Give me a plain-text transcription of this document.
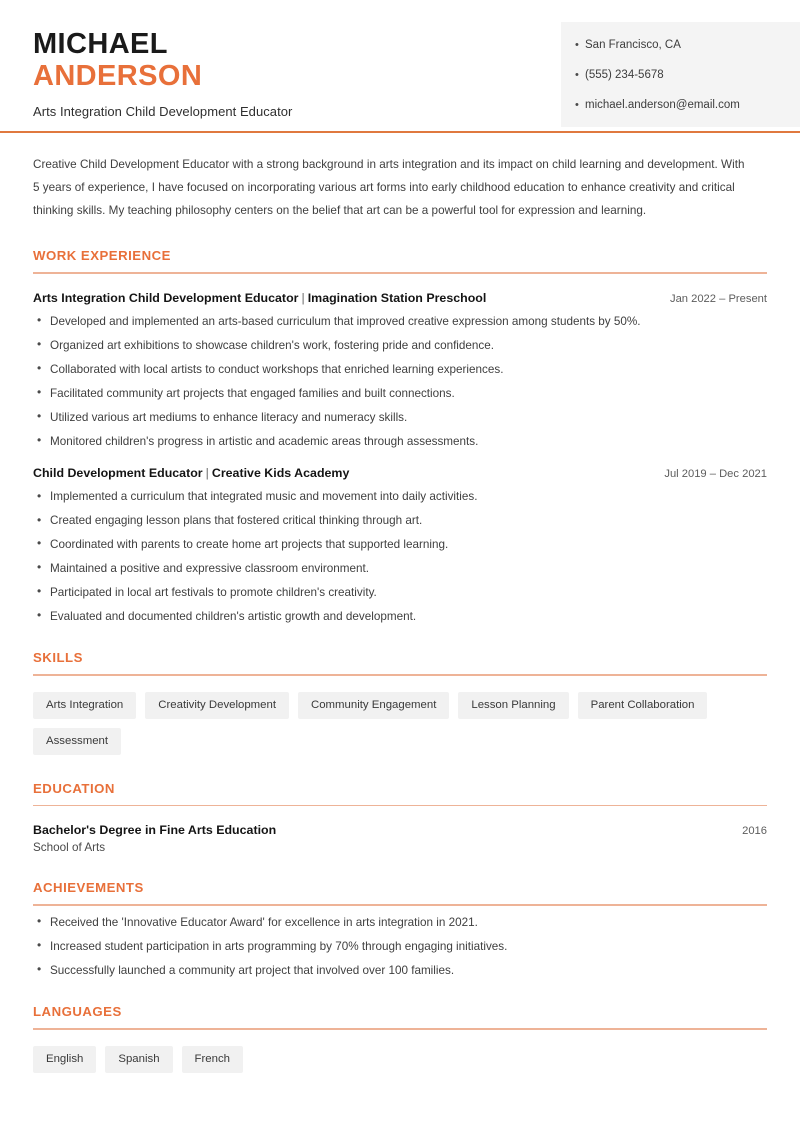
MICHAEL
ANDERSON
Arts Integration Child Development Educator
• San Francisco, CA
• (555) 234-5678
• michael.anderson@email.com
Creative Child Development Educator with a strong background in arts integration and its impact on child learning and development. With 5 years of experience, I have focused on incorporating various art forms into early childhood education to enhance creativity and critical thinking skills. My teaching philosophy centers on the belief that art can be a powerful tool for expression and learning.
WORK EXPERIENCE
Arts Integration Child Development Educator | Imagination Station Preschool	Jan 2022 – Present
• Developed and implemented an arts-based curriculum that improved creative expression among students by 50%.
• Organized art exhibitions to showcase children's work, fostering pride and confidence.
• Collaborated with local artists to conduct workshops that enriched learning experiences.
• Facilitated community art projects that engaged families and built connections.
• Utilized various art mediums to enhance literacy and numeracy skills.
• Monitored children's progress in artistic and academic areas through assessments.
Child Development Educator | Creative Kids Academy	Jul 2019 – Dec 2021
• Implemented a curriculum that integrated music and movement into daily activities.
• Created engaging lesson plans that fostered critical thinking through art.
• Coordinated with parents to create home art projects that supported learning.
• Maintained a positive and expressive classroom environment.
• Participated in local art festivals to promote children's creativity.
• Evaluated and documented children's artistic growth and development.
SKILLS
Arts Integration	Creativity Development	Community Engagement	Lesson Planning	Parent Collaboration
Assessment
EDUCATION
Bachelor's Degree in Fine Arts Education	2016
School of Arts
ACHIEVEMENTS
• Received the 'Innovative Educator Award' for excellence in arts integration in 2021.
• Increased student participation in arts programming by 70% through engaging initiatives.
• Successfully launched a community art project that involved over 100 families.
LANGUAGES
English	Spanish	French
